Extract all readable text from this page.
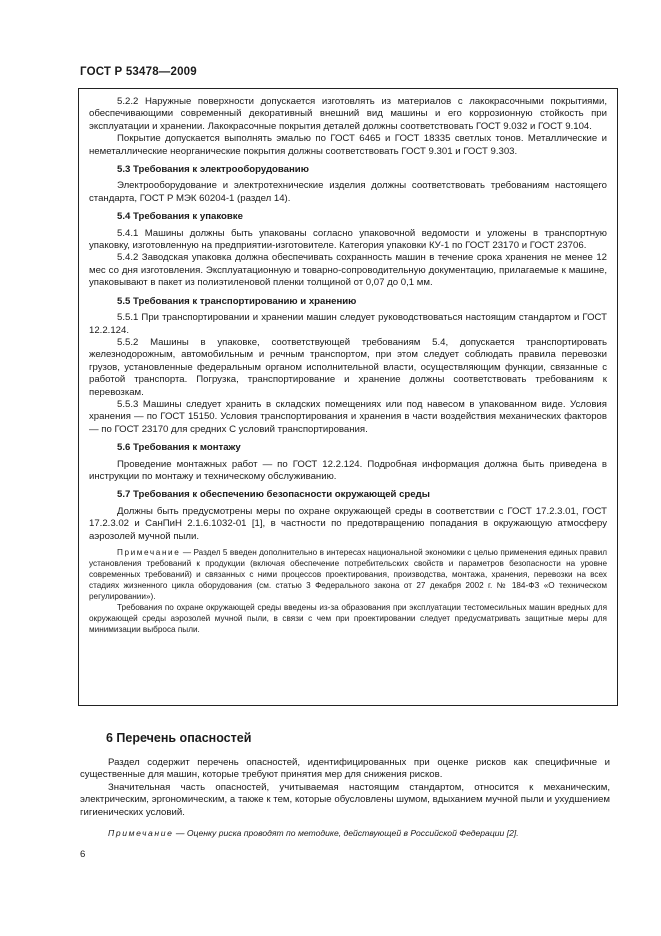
ГОСТ Р 53478—2009

5.2.2 Наружные поверхности допускается изготовлять из материалов с лакокрасочными покрытиями, обеспечивающими современный декоративный внешний вид машины и его коррозионную стойкость при эксплуатации и хранении. Лакокрасочные покрытия деталей должны соответствовать ГОСТ 9.032 и ГОСТ 9.104.

Покрытие допускается выполнять эмалью по ГОСТ 6465 и ГОСТ 18335 светлых тонов. Металлические и неметаллические неорганические покрытия должны соответствовать ГОСТ 9.301 и ГОСТ 9.303.

5.3 Требования к электрооборудованию

Электрооборудование и электротехнические изделия должны соответствовать требованиям настоящего стандарта, ГОСТ Р МЭК 60204-1 (раздел 14).

5.4 Требования к упаковке

5.4.1 Машины должны быть упакованы согласно упаковочной ведомости и уложены в транспортную упаковку, изготовленную на предприятии-изготовителе. Категория упаковки КУ-1 по ГОСТ 23170 и ГОСТ 23706.

5.4.2 Заводская упаковка должна обеспечивать сохранность машин в течение срока хранения не менее 12 мес со дня изготовления. Эксплуатационную и товарно-сопроводительную документацию, прилагаемые к машине, упаковывают в пакет из полиэтиленовой пленки толщиной от 0,07 до 0,1 мм.

5.5 Требования к транспортированию и хранению

5.5.1 При транспортировании и хранении машин следует руководствоваться настоящим стандартом и ГОСТ 12.2.124.

5.5.2 Машины в упаковке, соответствующей требованиям 5.4, допускается транспортировать железнодорожным, автомобильным и речным транспортом, при этом следует соблюдать правила перевозки грузов, установленные федеральным органом исполнительной власти, осуществляющим функции, связанные с работой транспорта. Погрузка, транспортирование и хранение должны соответствовать требованиям к перевозкам.

5.5.3 Машины следует хранить в складских помещениях или под навесом в упакованном виде. Условия хранения — по ГОСТ 15150. Условия транспортирования и хранения в части воздействия механических факторов — по ГОСТ 23170 для средних С условий транспортирования.

5.6 Требования к монтажу

Проведение монтажных работ — по ГОСТ 12.2.124. Подробная информация должна быть приведена в инструкции по монтажу и техническому обслуживанию.

5.7 Требования к обеспечению безопасности окружающей среды

Должны быть предусмотрены меры по охране окружающей среды в соответствии с ГОСТ 17.2.3.01, ГОСТ 17.2.3.02 и СанПиН 2.1.6.1032-01 [1], в частности по предотвращению попадания в окружающую атмосферу аэрозолей мучной пыли.

Примечание — Раздел 5 введен дополнительно в интересах национальной экономики с целью применения единых правил установления требований к продукции (включая обеспечение потребительских свойств и параметров безопасности на уровне современных требований) и связанных с ними процессов проектирования, производства, монтажа, хранения, перевозки на всех стадиях жизненного цикла оборудования (см. статью 3 Федерального закона от 27 декабря 2002 г. № 184-ФЗ «О техническом регулировании»).

Требования по охране окружающей среды введены из-за образования при эксплуатации тестомесильных машин вредных для окружающей среды аэрозолей мучной пыли, в связи с чем при проектировании следует предусматривать защитные меры для минимизации выброса пыли.

6 Перечень опасностей

Раздел содержит перечень опасностей, идентифицированных при оценке рисков как специфичные и существенные для машин, которые требуют принятия мер для снижения рисков.

Значительная часть опасностей, учитываемая настоящим стандартом, относится к механическим, электрическим, эргономическим, а также к тем, которые обусловлены шумом, вдыханием мучной пыли и ухудшением гигиенических условий.

Примечание — Оценку риска проводят по методике, действующей в Российской Федерации [2].

6
